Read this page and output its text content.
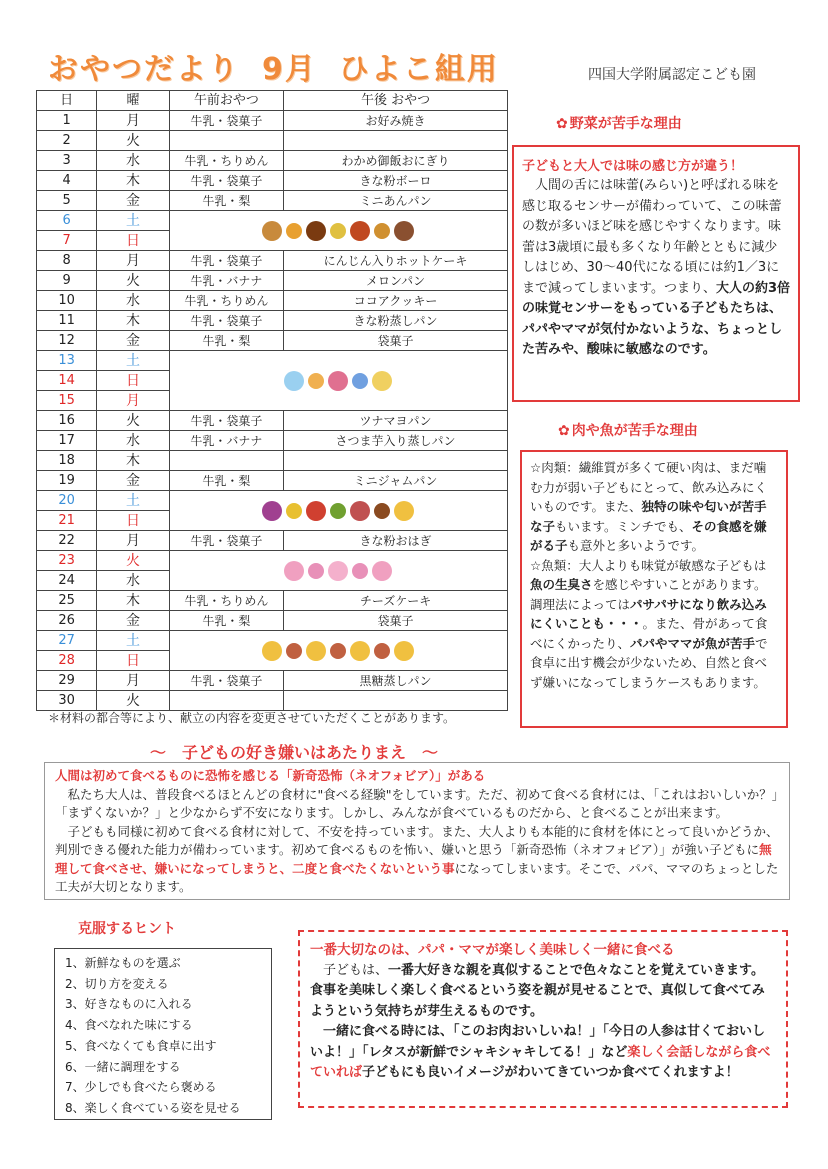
おやつだより 9月 ひよこ組用	四国大学附属認定こども園
日	曜	午前おやつ	午後 おやつ
1	月	牛乳・袋菓子	お好み焼き
2	火		
3	水	牛乳・ちりめん	わかめ御飯おにぎり
4	木	牛乳・袋菓子	きな粉ボーロ
5	金	牛乳・梨	ミニあんパン
6	土		

7	日		
8	月	牛乳・袋菓子	にんじん入りホットケーキ
9	火	牛乳・バナナ	メロンパン
10	水	牛乳・ちりめん	ココアクッキー
11	木	牛乳・袋菓子	きな粉蒸しパン
12	金	牛乳・梨	袋菓子
13	土		

14	日		
15	月		
16	火	牛乳・袋菓子	ツナマヨパン
17	水	牛乳・バナナ	さつま芋入り蒸しパン
18	木		
19	金	牛乳・梨	ミニジャムパン
20	土		

21	日		
22	月	牛乳・袋菓子	きな粉おはぎ
23	火		

24	水		
25	木	牛乳・ちりめん	チーズケーキ
26	金	牛乳・梨	袋菓子
27	土		

28	日		
29	月	牛乳・袋菓子	黒糖蒸しパン
30	火		
＊材料の都合等により、献立の内容を変更させていただくことがあります。
✿ 野菜が苦手な理由
子どもと大人では味の感じ方が違う！
人間の舌には味蕾(みらい)と呼ばれる味を感じ取るセンサーが備わっていて、この味蕾の数が多いほど味を感じやすくなります。味蕾は3歳頃に最も多くなり年齢とともに減少しはじめ、30～40代になる頃には約1／3にまで減ってしまいます。つまり、大人の約3倍の味覚センサーをもっている子どもたちは、パパやママが気付かないような、ちょっとした苦みや、酸味に敏感なのです。
✿ 肉や魚が苦手な理由

☆肉類：繊維質が多くて硬い肉は、まだ噛む力が弱い子どもにとって、飲み込みにくいものです。また、独特の味や匂いが苦手な子もいます。ミンチでも、その食感を嫌がる子も意外と多いようです。

☆魚類：大人よりも味覚が敏感な子どもは魚の生臭さを感じやすいことがあります。調理法によってはパサパサになり飲み込みにくいことも・・・。また、骨があって食べにくかったり、パパやママが魚が苦手で食卓に出す機会が少ないため、自然と食べず嫌いになってしまうケースもあります。

～　子どもの好き嫌いはあたりまえ　～
人間は初めて食べるものに恐怖を感じる「新奇恐怖（ネオフォビア）」がある

私たち大人は、普段食べるほとんどの食材に"食べる経験"をしています。ただ、初めて食べる食材には、「これはおいしいか？」「まずくないか？」と少なからず不安になります。しかし、みんなが食べているものだから、と食べることが出来ます。

子どもも同様に初めて食べる食材に対して、不安を持っています。また、大人よりも本能的に食材を体にとって良いかどうか、判別できる優れた能力が備わっています。初めて食べるものを怖い、嫌いと思う「新奇恐怖（ネオフォビア）」が強い子どもに無理して食べさせ、嫌いになってしまうと、二度と食べたくないという事になってしまいます。そこで、パパ、ママのちょっとした工夫が大切となります。

克服するヒント
1、新鮮なものを選ぶ
2、切り方を変える
3、好きなものに入れる
4、食べなれた味にする
5、食べなくても食卓に出す
6、一緒に調理をする
7、少しでも食べたら褒める
8、楽しく食べている姿を見せる
一番大切なのは、パパ・ママが楽しく美味しく一緒に食べる

子どもは、一番大好きな親を真似することで色々なことを覚えていきます。食事を美味しく楽しく食べるという姿を親が見せることで、真似して食べてみようという気持ちが芽生えるものです。

一緒に食べる時には、「このお肉おいしいね！」「今日の人参は甘くておいしいよ！」「レタスが新鮮でシャキシャキしてる！」など楽しく会話しながら食べていれば子どもにも良いイメージがわいてきていつか食べてくれますよ！
